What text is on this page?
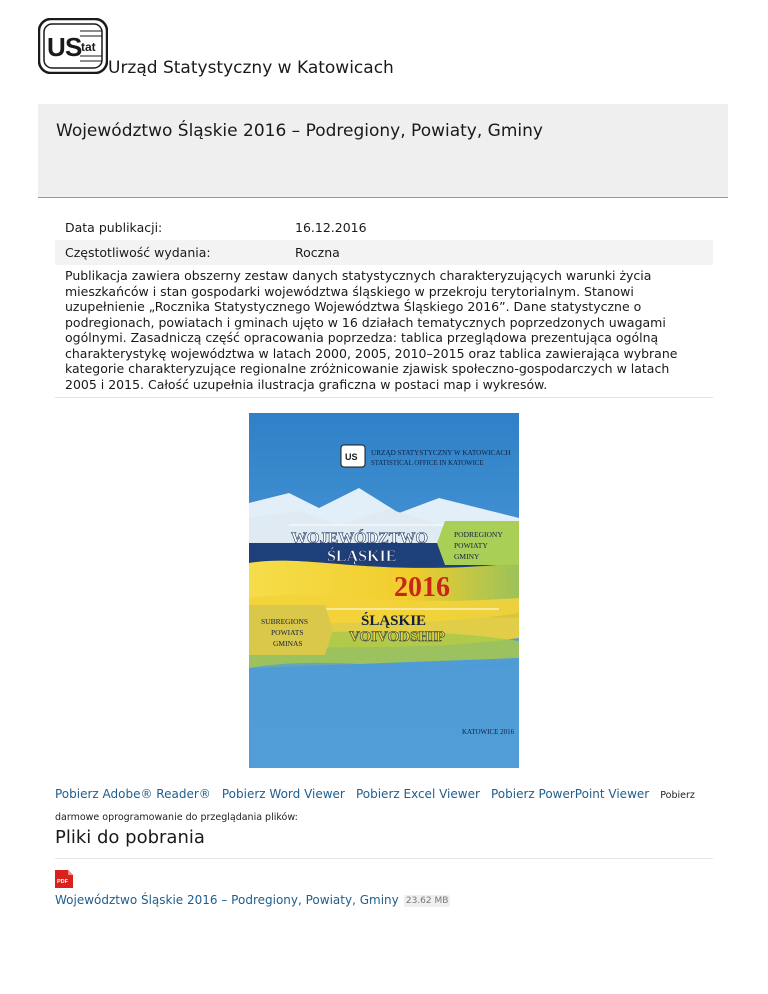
U S
tat
Urząd Statystyczny w Katowicach
Województwo Śląskie 2016 – Podregiony, Powiaty, Gminy
Data publikacji:	16.12.2016
Częstotliwość wydania:	Roczna
Publikacja zawiera obszerny zestaw danych statystycznych charakteryzujących warunki życia mieszkańców i stan gospodarki województwa śląskiego w przekroju terytorialnym. Stanowi uzupełnienie „Rocznika Statystycznego Województwa Śląskiego 2016”. Dane statystyczne o podregionach, powiatach i gminach ujęto w 16 działach tematycznych poprzedzonych uwagami ogólnymi. Zasadniczą część opracowania poprzedza: tablica przeglądowa prezentująca ogólną charakterystykę województwa w latach 2000, 2005, 2010–2015 oraz tablica zawierająca wybrane kategorie charakteryzujące regionalne zróżnicowanie zjawisk społeczno-gospodarczych w latach 2005 i 2015. Całość uzupełnia ilustracja graficzna w postaci map i wykresów.
US URZĄD STATYSTYCZNY W KATOWICACH
STATISTICAL OFFICE IN KATOWICE
WOJEWÓDZTWO
ŚLĄSKIE
PODREGIONY
POWIATY
GMINY
2016
SUBREGIONS
POWIATS
GMINAS
ŚLĄSKIE
VOIVODSHIP
KATOWICE 2016
Pobierz Adobe® Reader® Pobierz Word Viewer Pobierz Excel Viewer Pobierz PowerPoint Viewer Pobierz darmowe oprogramowanie do przeglądania plików:
Pliki do pobrania
PDF
Województwo Śląskie 2016 – Podregiony, Powiaty, Gminy 23.62 MB
